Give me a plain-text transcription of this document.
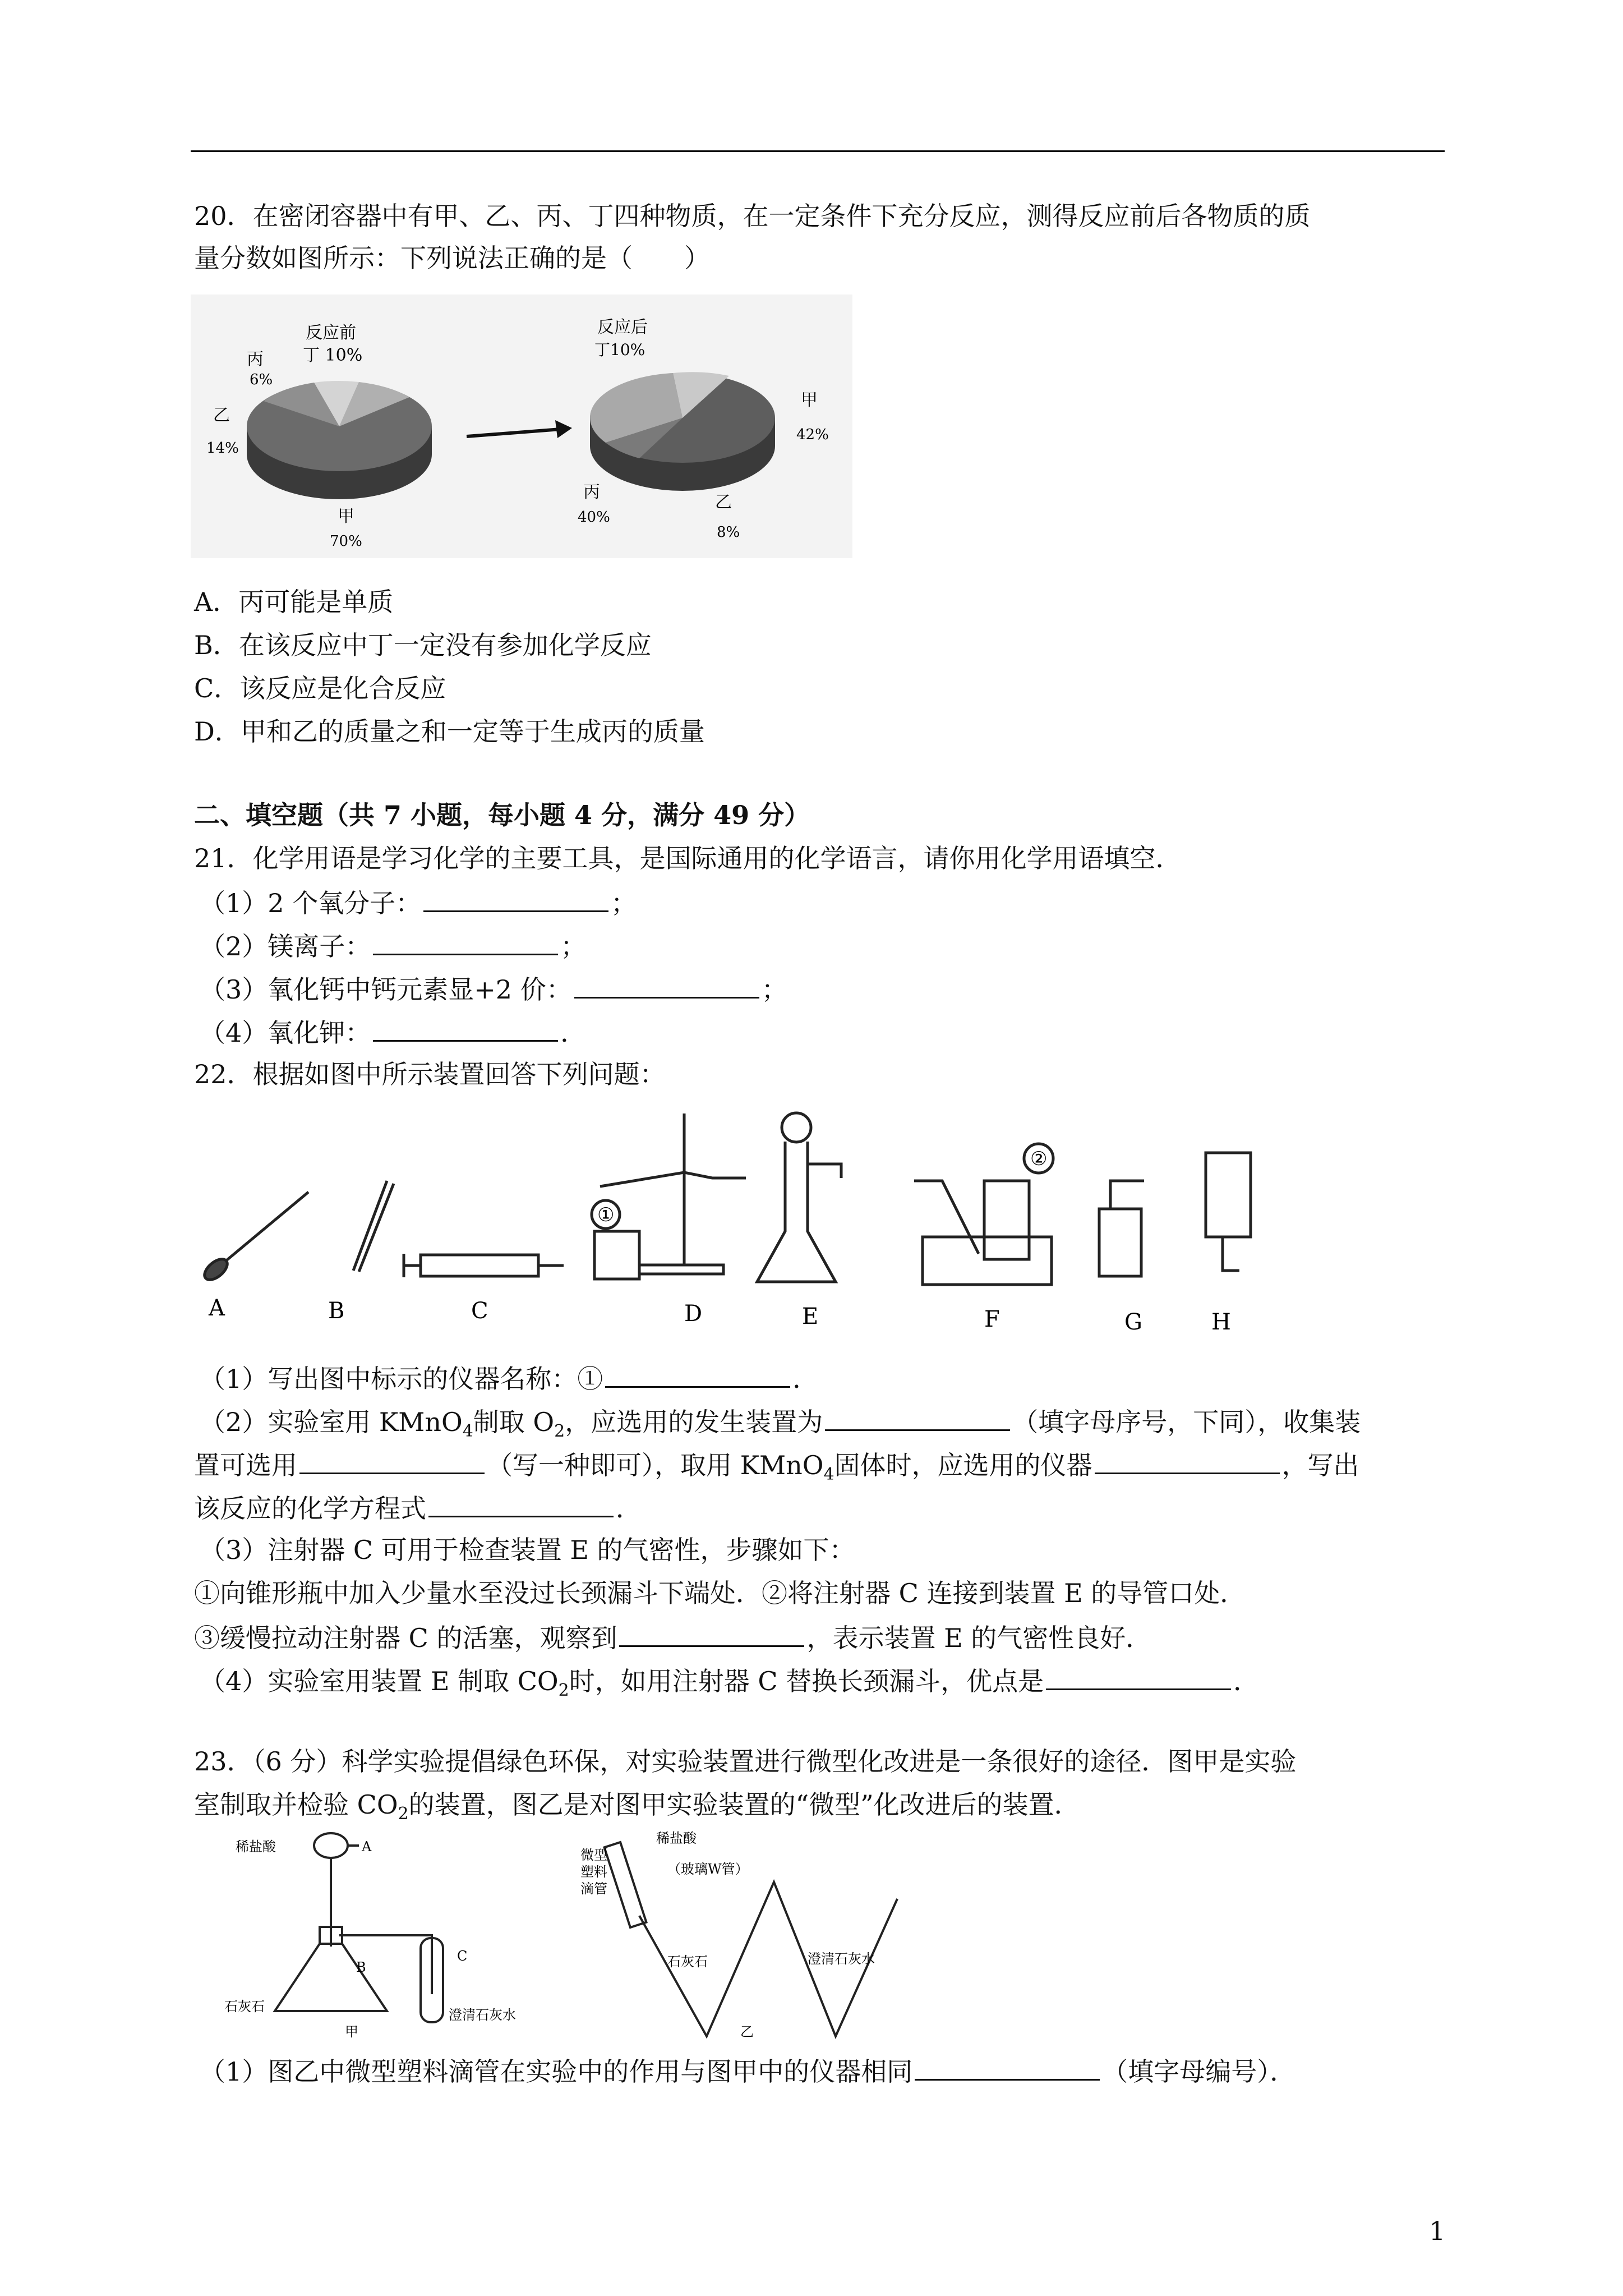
20．在密闭容器中有甲、乙、丙、丁四种物质，在一定条件下充分反应，测得反应前后各物质的质
量分数如图所示：下列说法正确的是（　　）
反应前
丁 10%
丙
6%
乙
14%
甲
70%
反应后
丁10%
甲
42%
丙
40%
乙
8%
A．丙可能是单质
B．在该反应中丁一定没有参加化学反应
C．该反应是化合反应
D．甲和乙的质量之和一定等于生成丙的质量
二、填空题（共 7 小题，每小题 4 分，满分 49 分）
21．化学用语是学习化学的主要工具，是国际通用的化学语言，请你用化学用语填空．
（1）2 个氧分子：	；
（2）镁离子：	；
（3）氧化钙中钙元素显+2 价：	；
（4）氧化钾：	．
22．根据如图中所示装置回答下列问题：
①
②
A	B	C	D	E	F	G	H
（1）写出图中标示的仪器名称：①	．
（2）实验室用 KMnO$_4$制取 $O_2$，应选用的发生装置为	（填字母序号，下同），收集装
置可选用	（写一种即可），取用 KMnO$_4$固体时，应选用的仪器	，写出
该反应的化学方程式	．
（3）注射器 C 可用于检查装置 E 的气密性，步骤如下：
①向锥形瓶中加入少量水至没过长颈漏斗下端处．②将注射器 C 连接到装置 E 的导管口处．
③缓慢拉动注射器 C 的活塞，观察到	，表示装置 E 的气密性良好．
（4）实验室用装置 E 制取 $CO_2$时，如用注射器 C 替换长颈漏斗，优点是	．
23．（6 分）科学实验提倡绿色环保，对实验装置进行微型化改进是一条很好的途径．图甲是实验
室制取并检验 $CO_2$的装置，图乙是对图甲实验装置的“微型”化改进后的装置．
稀盐酸	A
B
C
石灰石
澄清石灰水
甲
稀盐酸
微型
塑料
滴管
（玻璃W管）
石灰石	澄清石灰水
乙
（1）图乙中微型塑料滴管在实验中的作用与图甲中的仪器相同	（填字母编号）．
1
